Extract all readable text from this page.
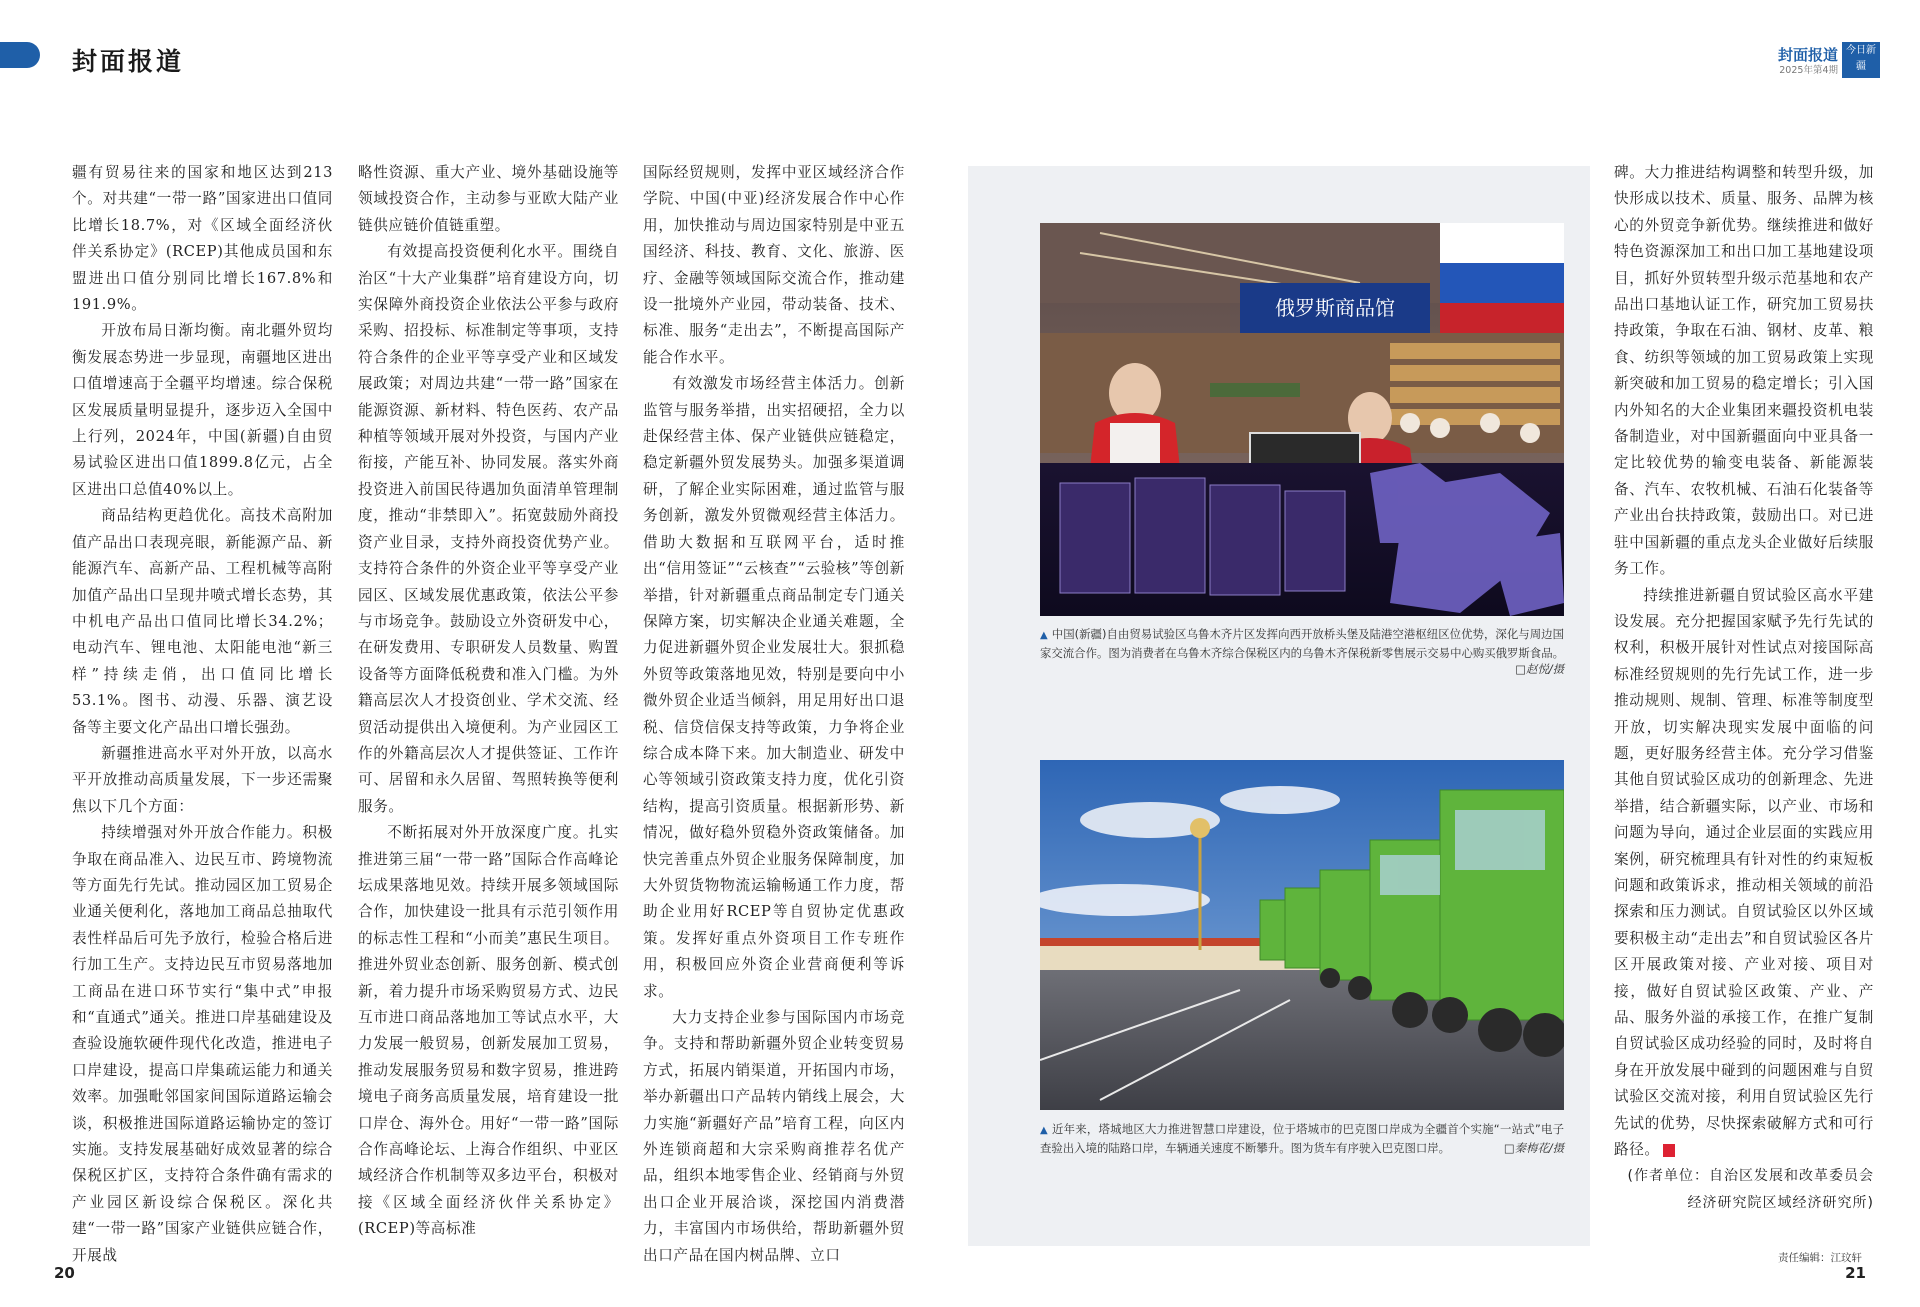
封面报道	封面报道
2025年第4期
今日新疆

疆有贸易往来的国家和地区达到213个。对共建“一带一路”国家进出口值同比增长18.7%，对《区域全面经济伙伴关系协定》(RCEP)其他成员国和东盟进出口值分别同比增长167.8%和191.9%。

开放布局日渐均衡。南北疆外贸均衡发展态势进一步显现，南疆地区进出口值增速高于全疆平均增速。综合保税区发展质量明显提升，逐步迈入全国中上行列，2024年，中国(新疆)自由贸易试验区进出口值1899.8亿元，占全区进出口总值40%以上。

商品结构更趋优化。高技术高附加值产品出口表现亮眼，新能源产品、新能源汽车、高新产品、工程机械等高附加值产品出口呈现井喷式增长态势，其中机电产品出口值同比增长34.2%；电动汽车、锂电池、太阳能电池“新三样”持续走俏，出口值同比增长53.1%。图书、动漫、乐器、演艺设备等主要文化产品出口增长强劲。

新疆推进高水平对外开放，以高水平开放推动高质量发展，下一步还需聚焦以下几个方面：

持续增强对外开放合作能力。积极争取在商品准入、边民互市、跨境物流等方面先行先试。推动园区加工贸易企业通关便利化，落地加工商品总抽取代表性样品后可先予放行，检验合格后进行加工生产。支持边民互市贸易落地加工商品在进口环节实行“集中式”申报和“直通式”通关。推进口岸基础建设及查验设施软硬件现代化改造，推进电子口岸建设，提高口岸集疏运能力和通关效率。加强毗邻国家间国际道路运输会谈，积极推进国际道路运输协定的签订实施。支持发展基础好成效显著的综合保税区扩区，支持符合条件确有需求的产业园区新设综合保税区。深化共建“一带一路”国家产业链供应链合作，开展战

略性资源、重大产业、境外基础设施等领域投资合作，主动参与亚欧大陆产业链供应链价值链重塑。

有效提高投资便利化水平。围绕自治区“十大产业集群”培育建设方向，切实保障外商投资企业依法公平参与政府采购、招投标、标准制定等事项，支持符合条件的企业平等享受产业和区域发展政策；对周边共建“一带一路”国家在能源资源、新材料、特色医药、农产品种植等领域开展对外投资，与国内产业衔接，产能互补、协同发展。落实外商投资进入前国民待遇加负面清单管理制度，推动“非禁即入”。拓宽鼓励外商投资产业目录，支持外商投资优势产业。支持符合条件的外资企业平等享受产业园区、区域发展优惠政策，依法公平参与市场竞争。鼓励设立外资研发中心，在研发费用、专职研发人员数量、购置设备等方面降低税费和准入门槛。为外籍高层次人才投资创业、学术交流、经贸活动提供出入境便利。为产业园区工作的外籍高层次人才提供签证、工作许可、居留和永久居留、驾照转换等便利服务。

不断拓展对外开放深度广度。扎实推进第三届“一带一路”国际合作高峰论坛成果落地见效。持续开展多领域国际合作，加快建设一批具有示范引领作用的标志性工程和“小而美”惠民生项目。推进外贸业态创新、服务创新、模式创新，着力提升市场采购贸易方式、边民互市进口商品落地加工等试点水平，大力发展一般贸易，创新发展加工贸易，推动发展服务贸易和数字贸易，推进跨境电子商务高质量发展，培育建设一批口岸仓、海外仓。用好“一带一路”国际合作高峰论坛、上海合作组织、中亚区域经济合作机制等双多边平台，积极对接《区域全面经济伙伴关系协定》(RCEP)等高标准

国际经贸规则，发挥中亚区域经济合作学院、中国(中亚)经济发展合作中心作用，加快推动与周边国家特别是中亚五国经济、科技、教育、文化、旅游、医疗、金融等领域国际交流合作，推动建设一批境外产业园，带动装备、技术、标准、服务“走出去”，不断提高国际产能合作水平。

有效激发市场经营主体活力。创新监管与服务举措，出实招硬招，全力以赴保经营主体、保产业链供应链稳定，稳定新疆外贸发展势头。加强多渠道调研，了解企业实际困难，通过监管与服务创新，激发外贸微观经营主体活力。借助大数据和互联网平台，适时推出“信用签证”“云核查”“云验核”等创新举措，针对新疆重点商品制定专门通关保障方案，切实解决企业通关难题，全力促进新疆外贸企业发展壮大。狠抓稳外贸等政策落地见效，特别是要向中小微外贸企业适当倾斜，用足用好出口退税、信贷信保支持等政策，力争将企业综合成本降下来。加大制造业、研发中心等领域引资政策支持力度，优化引资结构，提高引资质量。根据新形势、新情况，做好稳外贸稳外资政策储备。加快完善重点外贸企业服务保障制度，加大外贸货物物流运输畅通工作力度，帮助企业用好RCEP等自贸协定优惠政策。发挥好重点外资项目工作专班作用，积极回应外资企业营商便利等诉求。

大力支持企业参与国际国内市场竞争。支持和帮助新疆外贸企业转变贸易方式，拓展内销渠道，开拓国内市场，举办新疆出口产品转内销线上展会，大力实施“新疆好产品”培育工程，向区内外连锁商超和大宗采购商推荐名优产品，组织本地零售企业、经销商与外贸出口企业开展洽谈，深挖国内消费潜力，丰富国内市场供给，帮助新疆外贸出口产品在国内树品牌、立口

碑。大力推进结构调整和转型升级，加快形成以技术、质量、服务、品牌为核心的外贸竞争新优势。继续推进和做好特色资源深加工和出口加工基地建设项目，抓好外贸转型升级示范基地和农产品出口基地认证工作，研究加工贸易扶持政策，争取在石油、钢材、皮革、粮食、纺织等领域的加工贸易政策上实现新突破和加工贸易的稳定增长；引入国内外知名的大企业集团来疆投资机电装备制造业，对中国新疆面向中亚具备一定比较优势的输变电装备、新能源装备、汽车、农牧机械、石油石化装备等产业出台扶持政策，鼓励出口。对已进驻中国新疆的重点龙头企业做好后续服务工作。

持续推进新疆自贸试验区高水平建设发展。充分把握国家赋予先行先试的权利，积极开展针对性试点对接国际高标准经贸规则的先行先试工作，进一步推动规则、规制、管理、标准等制度型开放，切实解决现实发展中面临的问题，更好服务经营主体。充分学习借鉴其他自贸试验区成功的创新理念、先进举措，结合新疆实际，以产业、市场和问题为导向，通过企业层面的实践应用案例，研究梳理具有针对性的约束短板问题和政策诉求，推动相关领域的前沿探索和压力测试。自贸试验区以外区域要积极主动“走出去”和自贸试验区各片区开展政策对接、产业对接、项目对接，做好自贸试验区政策、产业、产品、服务外溢的承接工作，在推广复制自贸试验区成功经验的同时，及时将自身在开放发展中碰到的问题困难与自贸试验区交流对接，利用自贸试验区先行先试的优势，尽快探索破解方式和可行路径。	■

(作者单位：自治区发展和改革委员会经济研究院区域经济研究所)

俄罗斯商品馆
▲ 中国(新疆)自由贸易试验区乌鲁木齐片区发挥向西开放桥头堡及陆港空港枢纽区位优势，深化与周边国家交流合作。图为消费者在乌鲁木齐综合保税区内的乌鲁木齐保税新零售展示交易中心购买俄罗斯食品。
□赵悦/摄
▲ 近年来，塔城地区大力推进智慧口岸建设，位于塔城市的巴克图口岸成为全疆首个实施“一站式”电子查验出入境的陆路口岸，车辆通关速度不断攀升。图为货车有序驶入巴克图口岸。	□秦梅花/摄
20	21
责任编辑：江玟轩
